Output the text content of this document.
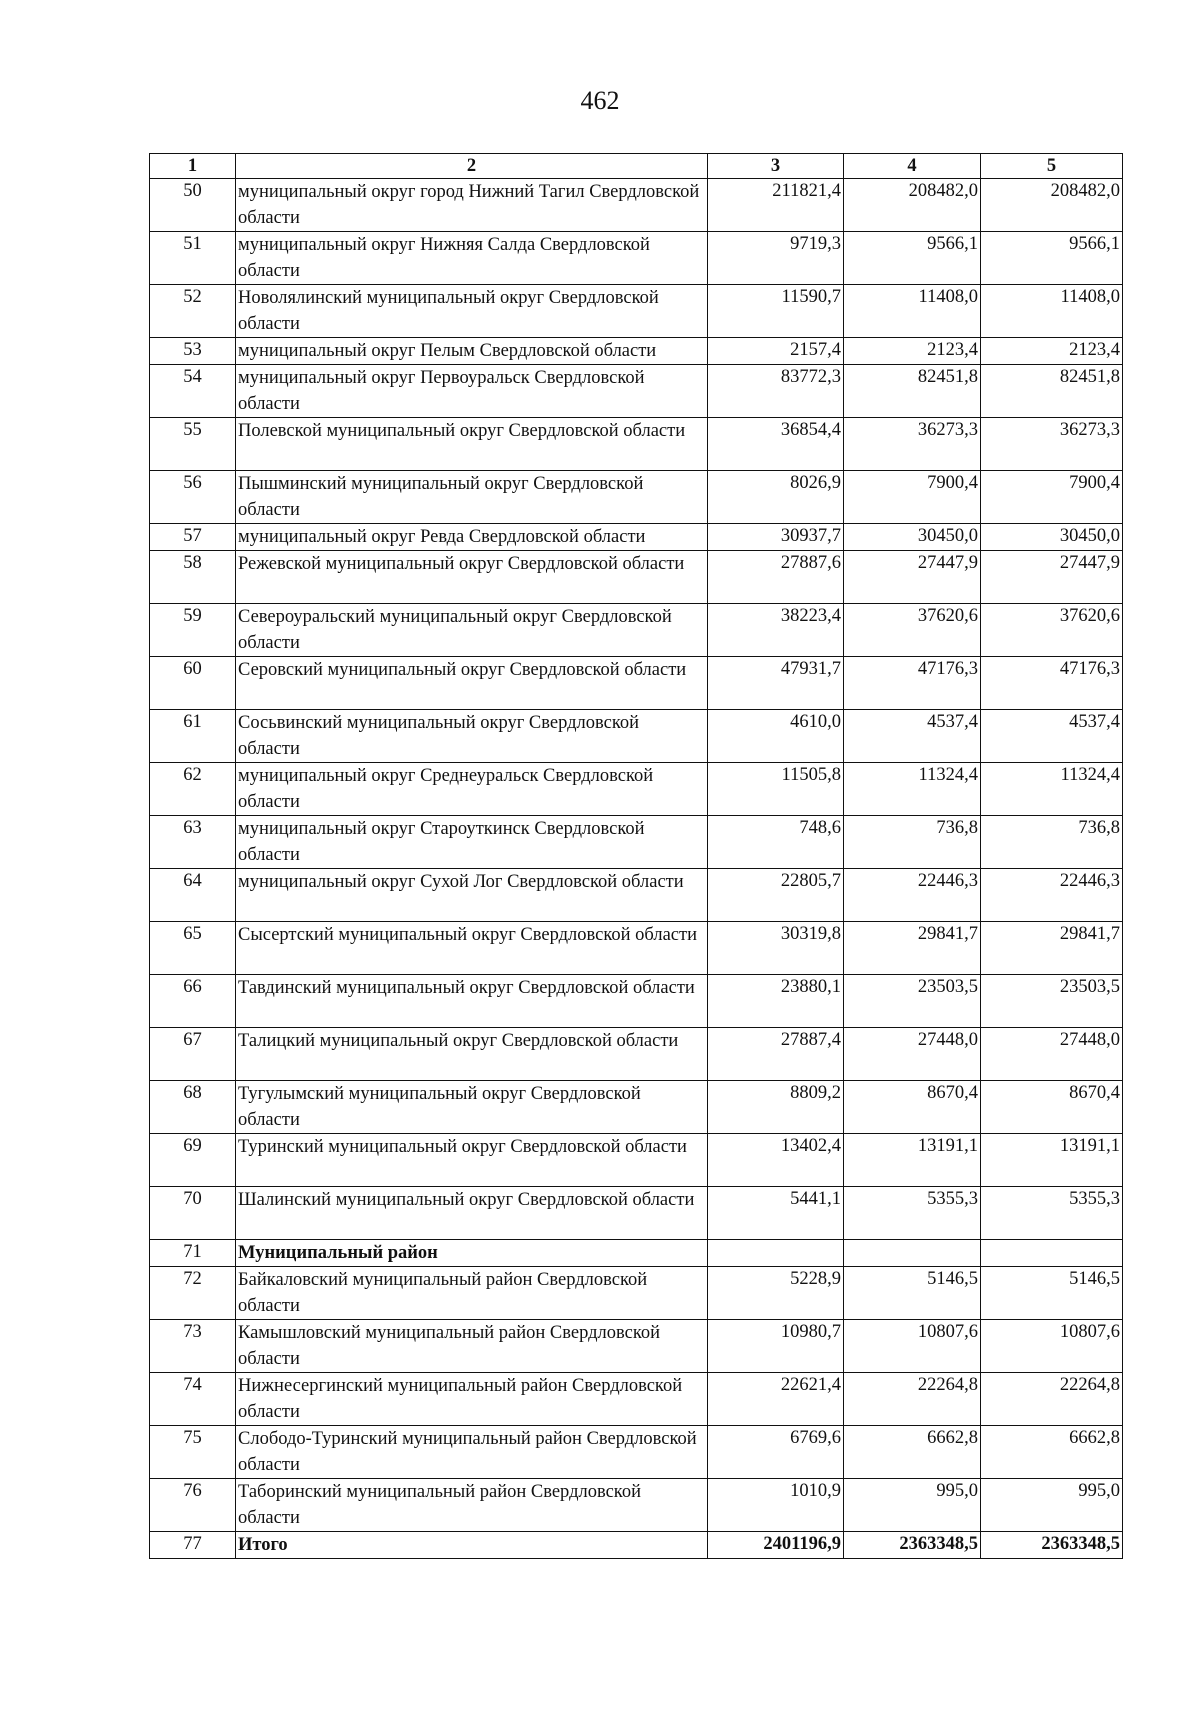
462
1	2	3	4	5
50	муниципальный округ город Нижний Тагил Свердловской области	211821,4	208482,0	208482,0
51	муниципальный округ Нижняя Салда Свердловской области	9719,3	9566,1	9566,1
52	Новолялинский муниципальный округ Свердловской области	11590,7	11408,0	11408,0
53	муниципальный округ Пелым Свердловской области	2157,4	2123,4	2123,4
54	муниципальный округ Первоуральск Свердловской области	83772,3	82451,8	82451,8
55	Полевской муниципальный округ Свердловской области	36854,4	36273,3	36273,3
56	Пышминский муниципальный округ Свердловской области	8026,9	7900,4	7900,4
57	муниципальный округ Ревда Свердловской области	30937,7	30450,0	30450,0
58	Режевской муниципальный округ Свердловской области	27887,6	27447,9	27447,9
59	Североуральский муниципальный округ Свердловской области	38223,4	37620,6	37620,6
60	Серовский муниципальный округ Свердловской области	47931,7	47176,3	47176,3
61	Сосьвинский муниципальный округ Свердловской области	4610,0	4537,4	4537,4
62	муниципальный округ Среднеуральск Свердловской области	11505,8	11324,4	11324,4
63	муниципальный округ Староуткинск Свердловской области	748,6	736,8	736,8
64	муниципальный округ Сухой Лог Свердловской области	22805,7	22446,3	22446,3
65	Сысертский муниципальный округ Свердловской области	30319,8	29841,7	29841,7
66	Тавдинский муниципальный округ Свердловской области	23880,1	23503,5	23503,5
67	Талицкий муниципальный округ Свердловской области	27887,4	27448,0	27448,0
68	Тугулымский муниципальный округ Свердловской области	8809,2	8670,4	8670,4
69	Туринский муниципальный округ Свердловской области	13402,4	13191,1	13191,1
70	Шалинский муниципальный округ Свердловской области	5441,1	5355,3	5355,3
71	Муниципальный район			
72	Байкаловский муниципальный район Свердловской области	5228,9	5146,5	5146,5
73	Камышловский муниципальный район Свердловской области	10980,7	10807,6	10807,6
74	Нижнесергинский муниципальный район Свердловской области	22621,4	22264,8	22264,8
75	Слободо-Туринский муниципальный район Свердловской области	6769,6	6662,8	6662,8
76	Таборинский муниципальный район Свердловской области	1010,9	995,0	995,0
77	Итого	2401196,9	2363348,5	2363348,5
